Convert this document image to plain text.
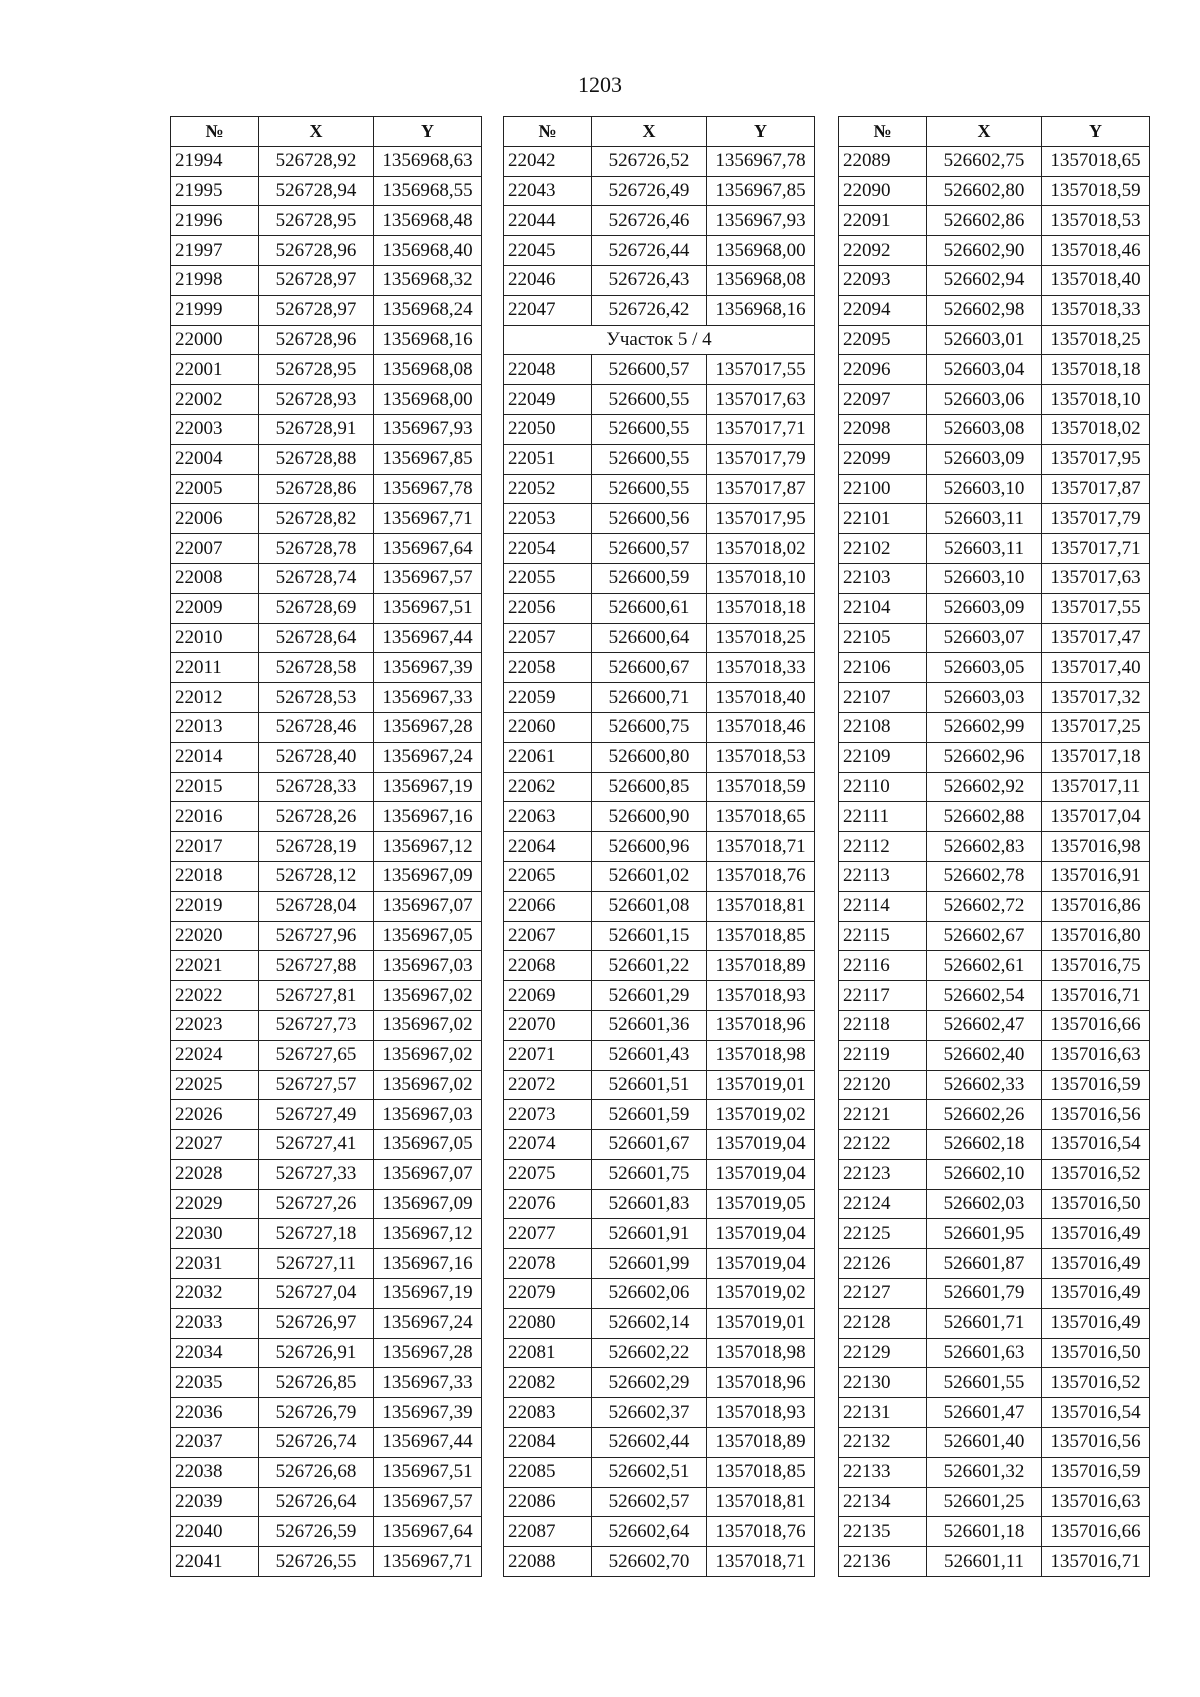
1203
№	X	Y
21994	526728,92	1356968,63
21995	526728,94	1356968,55
21996	526728,95	1356968,48
21997	526728,96	1356968,40
21998	526728,97	1356968,32
21999	526728,97	1356968,24
22000	526728,96	1356968,16
22001	526728,95	1356968,08
22002	526728,93	1356968,00
22003	526728,91	1356967,93
22004	526728,88	1356967,85
22005	526728,86	1356967,78
22006	526728,82	1356967,71
22007	526728,78	1356967,64
22008	526728,74	1356967,57
22009	526728,69	1356967,51
22010	526728,64	1356967,44
22011	526728,58	1356967,39
22012	526728,53	1356967,33
22013	526728,46	1356967,28
22014	526728,40	1356967,24
22015	526728,33	1356967,19
22016	526728,26	1356967,16
22017	526728,19	1356967,12
22018	526728,12	1356967,09
22019	526728,04	1356967,07
22020	526727,96	1356967,05
22021	526727,88	1356967,03
22022	526727,81	1356967,02
22023	526727,73	1356967,02
22024	526727,65	1356967,02
22025	526727,57	1356967,02
22026	526727,49	1356967,03
22027	526727,41	1356967,05
22028	526727,33	1356967,07
22029	526727,26	1356967,09
22030	526727,18	1356967,12
22031	526727,11	1356967,16
22032	526727,04	1356967,19
22033	526726,97	1356967,24
22034	526726,91	1356967,28
22035	526726,85	1356967,33
22036	526726,79	1356967,39
22037	526726,74	1356967,44
22038	526726,68	1356967,51
22039	526726,64	1356967,57
22040	526726,59	1356967,64
22041	526726,55	1356967,71
№	X	Y
22042	526726,52	1356967,78
22043	526726,49	1356967,85
22044	526726,46	1356967,93
22045	526726,44	1356968,00
22046	526726,43	1356968,08
22047	526726,42	1356968,16
Участок 5 / 4		
22048	526600,57	1357017,55
22049	526600,55	1357017,63
22050	526600,55	1357017,71
22051	526600,55	1357017,79
22052	526600,55	1357017,87
22053	526600,56	1357017,95
22054	526600,57	1357018,02
22055	526600,59	1357018,10
22056	526600,61	1357018,18
22057	526600,64	1357018,25
22058	526600,67	1357018,33
22059	526600,71	1357018,40
22060	526600,75	1357018,46
22061	526600,80	1357018,53
22062	526600,85	1357018,59
22063	526600,90	1357018,65
22064	526600,96	1357018,71
22065	526601,02	1357018,76
22066	526601,08	1357018,81
22067	526601,15	1357018,85
22068	526601,22	1357018,89
22069	526601,29	1357018,93
22070	526601,36	1357018,96
22071	526601,43	1357018,98
22072	526601,51	1357019,01
22073	526601,59	1357019,02
22074	526601,67	1357019,04
22075	526601,75	1357019,04
22076	526601,83	1357019,05
22077	526601,91	1357019,04
22078	526601,99	1357019,04
22079	526602,06	1357019,02
22080	526602,14	1357019,01
22081	526602,22	1357018,98
22082	526602,29	1357018,96
22083	526602,37	1357018,93
22084	526602,44	1357018,89
22085	526602,51	1357018,85
22086	526602,57	1357018,81
22087	526602,64	1357018,76
22088	526602,70	1357018,71
№	X	Y
22089	526602,75	1357018,65
22090	526602,80	1357018,59
22091	526602,86	1357018,53
22092	526602,90	1357018,46
22093	526602,94	1357018,40
22094	526602,98	1357018,33
22095	526603,01	1357018,25
22096	526603,04	1357018,18
22097	526603,06	1357018,10
22098	526603,08	1357018,02
22099	526603,09	1357017,95
22100	526603,10	1357017,87
22101	526603,11	1357017,79
22102	526603,11	1357017,71
22103	526603,10	1357017,63
22104	526603,09	1357017,55
22105	526603,07	1357017,47
22106	526603,05	1357017,40
22107	526603,03	1357017,32
22108	526602,99	1357017,25
22109	526602,96	1357017,18
22110	526602,92	1357017,11
22111	526602,88	1357017,04
22112	526602,83	1357016,98
22113	526602,78	1357016,91
22114	526602,72	1357016,86
22115	526602,67	1357016,80
22116	526602,61	1357016,75
22117	526602,54	1357016,71
22118	526602,47	1357016,66
22119	526602,40	1357016,63
22120	526602,33	1357016,59
22121	526602,26	1357016,56
22122	526602,18	1357016,54
22123	526602,10	1357016,52
22124	526602,03	1357016,50
22125	526601,95	1357016,49
22126	526601,87	1357016,49
22127	526601,79	1357016,49
22128	526601,71	1357016,49
22129	526601,63	1357016,50
22130	526601,55	1357016,52
22131	526601,47	1357016,54
22132	526601,40	1357016,56
22133	526601,32	1357016,59
22134	526601,25	1357016,63
22135	526601,18	1357016,66
22136	526601,11	1357016,71
